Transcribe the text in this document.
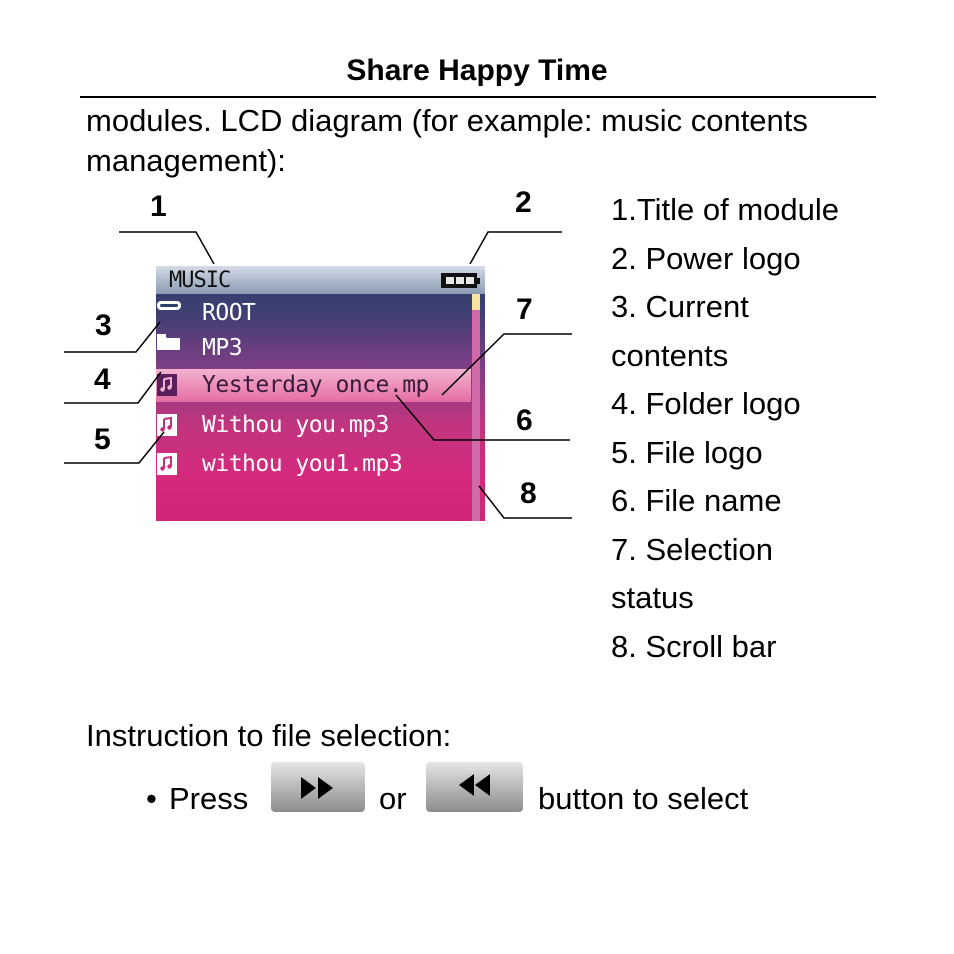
Share Happy Time
modules. LCD diagram (for example: music contents
management):
MUSIC
ROOT
MP3
Yesterday once.mp
Withou you.mp3
withou you1.mp3
1	2
3
4
5
6
7
8
1.Title of module
2. Power logo
3. Current
contents
4. Folder logo
5. File logo
6. File name
7. Selection
status
8. Scroll bar
Instruction to file selection:
• Press	or	button to select
